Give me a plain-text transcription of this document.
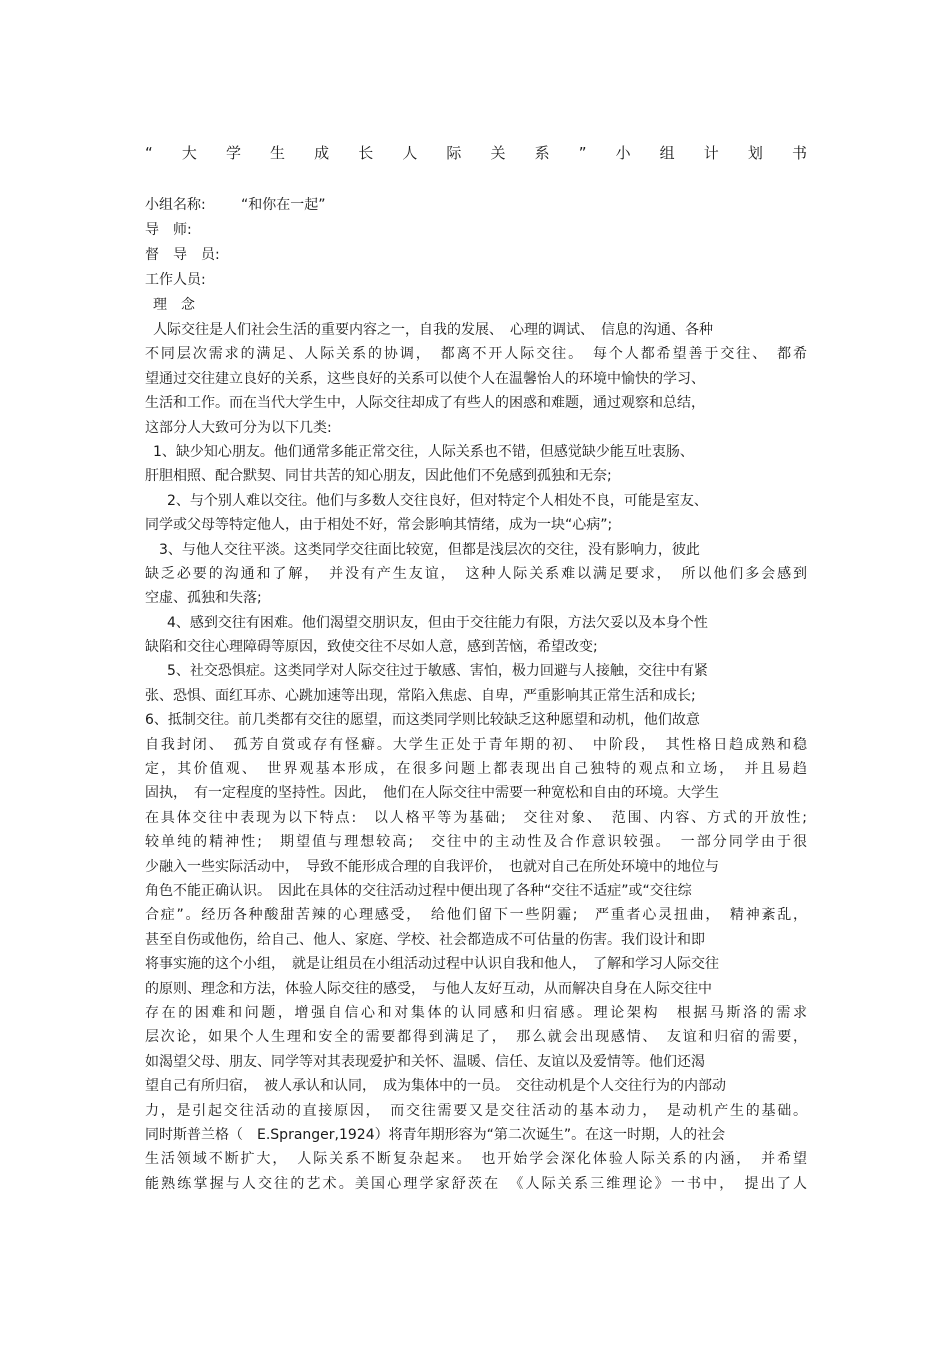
“ 大 学 生 成 长 人 际 关 系 ” 小 组 计 划 书
小组名称:	“和你在一起”
导　师:
督　导　员:
工作人员:
理　念
人际交往是人们社会生活的重要内容之一，自我的发展、　心理的调试、　信息的沟通、各种
不同层次需求的满足、人际关系的协调，　都离不开人际交往。　每个人都希望善于交往、　都希
望通过交往建立良好的关系，这些良好的关系可以使个人在温馨怡人的环境中愉快的学习、
生活和工作。而在当代大学生中，人际交往却成了有些人的困惑和难题，通过观察和总结，
这部分人大致可分为以下几类:
1、缺少知心朋友。他们通常多能正常交往，人际关系也不错，但感觉缺少能互吐衷肠、
肝胆相照、配合默契、同甘共苦的知心朋友，因此他们不免感到孤独和无奈;
2、与个别人难以交往。他们与多数人交往良好，但对特定个人相处不良，可能是室友、
同学或父母等特定他人，由于相处不好，常会影响其情绪，成为一块“心病”;
3、与他人交往平淡。这类同学交往面比较宽，但都是浅层次的交往，没有影响力，彼此
缺乏必要的沟通和了解，　并没有产生友谊，　这种人际关系难以满足要求，　所以他们多会感到
空虚、孤独和失落;
4、感到交往有困难。他们渴望交朋识友，但由于交往能力有限，方法欠妥以及本身个性
缺陷和交往心理障碍等原因，致使交往不尽如人意，感到苦恼，希望改变;
5、社交恐惧症。这类同学对人际交往过于敏感、害怕，极力回避与人接触，交往中有紧
张、恐惧、面红耳赤、心跳加速等出现，常陷入焦虑、自卑，严重影响其正常生活和成长;
6、抵制交往。前几类都有交往的愿望，而这类同学则比较缺乏这种愿望和动机，他们故意
自我封闭、　孤芳自赏或存有怪癖。大学生正处于青年期的初、　中阶段，　其性格日趋成熟和稳
定，其价值观、　世界观基本形成，在很多问题上都表现出自己独特的观点和立场，　并且易趋
固执，　有一定程度的坚持性。因此，　他们在人际交往中需要一种宽松和自由的环境。大学生
在具体交往中表现为以下特点:　以人格平等为基础;　交往对象、　范围、内容、方式的开放性;
较单纯的精神性;　期望值与理想较高;　交往中的主动性及合作意识较强。　一部分同学由于很
少融入一些实际活动中，　导致不能形成合理的自我评价，　也就对自己在所处环境中的地位与
角色不能正确认识。　因此在具体的交往活动过程中便出现了各种“交往不适症”或“交往综
合症”。经历各种酸甜苦辣的心理感受，　给他们留下一些阴霾;　严重者心灵扭曲，　精神紊乱，
甚至自伤或他伤，给自己、他人、家庭、学校、社会都造成不可估量的伤害。我们设计和即
将事实施的这个小组，　就是让组员在小组活动过程中认识自我和他人，　了解和学习人际交往
的原则、理念和方法，体验人际交往的感受，　与他人友好互动，从而解决自身在人际交往中
存在的困难和问题，增强自信心和对集体的认同感和归宿感。理论架构　根据马斯洛的需求
层次论，如果个人生理和安全的需要都得到满足了，　那么就会出现感情、　友谊和归宿的需要，
如渴望父母、朋友、同学等对其表现爱护和关怀、温暖、信任、友谊以及爱情等。他们还渴
望自己有所归宿，　被人承认和认同，　成为集体中的一员。　交往动机是个人交往行为的内部动
力，是引起交往活动的直接原因，　而交往需要又是交往活动的基本动力，　是动机产生的基础。
同时斯普兰格（　E.Spranger,1924）将青年期形容为“第二次诞生”。在这一时期，人的社会
生活领域不断扩大，　人际关系不断复杂起来。　也开始学会深化体验人际关系的内涵，　并希望
能熟练掌握与人交往的艺术。美国心理学家舒茨在　《人际关系三维理论》一书中，　提出了人
